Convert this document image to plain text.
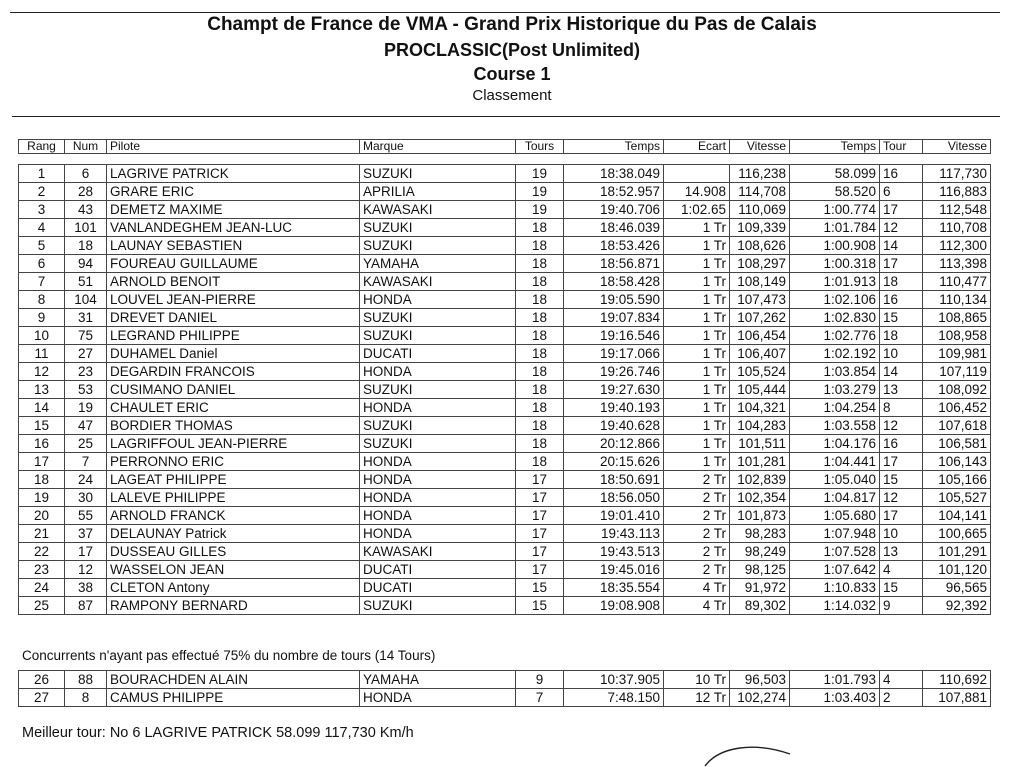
Champt de France de VMA - Grand Prix Historique du Pas de Calais
PROCLASSIC(Post Unlimited)
Course 1
Classement
Rang	Num	Pilote	Marque	Tours	Temps	Ecart	Vitesse	Temps	Tour	Vitesse
1	6	LAGRIVE PATRICK	SUZUKI	19	18:38.049		116,238	58.099	16	117,730
2	28	GRARE ERIC	APRILIA	19	18:52.957	14.908	114,708	58.520	6	116,883
3	43	DEMETZ MAXIME	KAWASAKI	19	19:40.706	1:02.65	110,069	1:00.774	17	112,548
4	101	VANLANDEGHEM JEAN-LUC	SUZUKI	18	18:46.039	1 Tr	109,339	1:01.784	12	110,708
5	18	LAUNAY SEBASTIEN	SUZUKI	18	18:53.426	1 Tr	108,626	1:00.908	14	112,300
6	94	FOUREAU GUILLAUME	YAMAHA	18	18:56.871	1 Tr	108,297	1:00.318	17	113,398
7	51	ARNOLD BENOIT	KAWASAKI	18	18:58.428	1 Tr	108,149	1:01.913	18	110,477
8	104	LOUVEL JEAN-PIERRE	HONDA	18	19:05.590	1 Tr	107,473	1:02.106	16	110,134
9	31	DREVET DANIEL	SUZUKI	18	19:07.834	1 Tr	107,262	1:02.830	15	108,865
10	75	LEGRAND PHILIPPE	SUZUKI	18	19:16.546	1 Tr	106,454	1:02.776	18	108,958
11	27	DUHAMEL Daniel	DUCATI	18	19:17.066	1 Tr	106,407	1:02.192	10	109,981
12	23	DEGARDIN FRANCOIS	HONDA	18	19:26.746	1 Tr	105,524	1:03.854	14	107,119
13	53	CUSIMANO DANIEL	SUZUKI	18	19:27.630	1 Tr	105,444	1:03.279	13	108,092
14	19	CHAULET ERIC	HONDA	18	19:40.193	1 Tr	104,321	1:04.254	8	106,452
15	47	BORDIER THOMAS	SUZUKI	18	19:40.628	1 Tr	104,283	1:03.558	12	107,618
16	25	LAGRIFFOUL JEAN-PIERRE	SUZUKI	18	20:12.866	1 Tr	101,511	1:04.176	16	106,581
17	7	PERRONNO ERIC	HONDA	18	20:15.626	1 Tr	101,281	1:04.441	17	106,143
18	24	LAGEAT PHILIPPE	HONDA	17	18:50.691	2 Tr	102,839	1:05.040	15	105,166
19	30	LALEVE PHILIPPE	HONDA	17	18:56.050	2 Tr	102,354	1:04.817	12	105,527
20	55	ARNOLD FRANCK	HONDA	17	19:01.410	2 Tr	101,873	1:05.680	17	104,141
21	37	DELAUNAY Patrick	HONDA	17	19:43.113	2 Tr	98,283	1:07.948	10	100,665
22	17	DUSSEAU GILLES	KAWASAKI	17	19:43.513	2 Tr	98,249	1:07.528	13	101,291
23	12	WASSELON JEAN	DUCATI	17	19:45.016	2 Tr	98,125	1:07.642	4	101,120
24	38	CLETON Antony	DUCATI	15	18:35.554	4 Tr	91,972	1:10.833	15	96,565
25	87	RAMPONY BERNARD	SUZUKI	15	19:08.908	4 Tr	89,302	1:14.032	9	92,392
Concurrents n'ayant pas effectué 75% du nombre de tours (14 Tours)
26	88	BOURACHDEN ALAIN	YAMAHA	9	10:37.905	10 Tr	96,503	1:01.793	4	110,692
27	8	CAMUS PHILIPPE	HONDA	7	7:48.150	12 Tr	102,274	1:03.403	2	107,881
Meilleur tour: No 6 LAGRIVE PATRICK 58.099 117,730 Km/h
